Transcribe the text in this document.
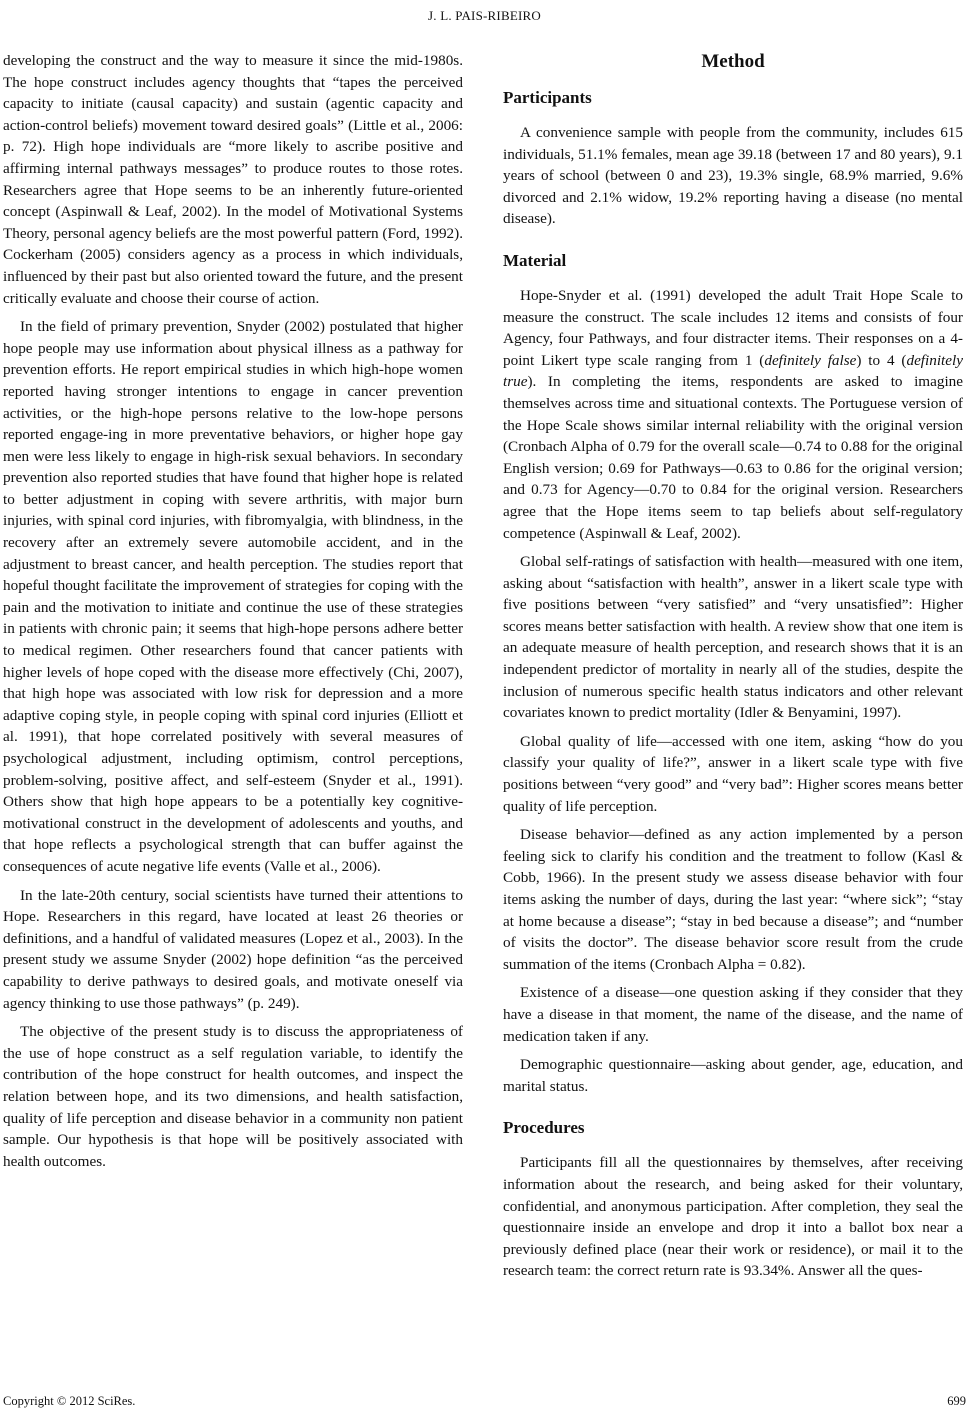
J. L. PAIS-RIBEIRO

developing the construct and the way to measure it since the mid-1980s. The hope construct includes agency thoughts that “tapes the perceived capacity to initiate (causal capacity) and sustain (agentic capacity and action-control beliefs) movement toward desired goals” (Little et al., 2006: p. 72). High hope individuals are “more likely to ascribe positive and affirming internal pathways messages” to produce routes to those rotes. Researchers agree that Hope seems to be an inherently future-oriented concept (Aspinwall & Leaf, 2002). In the model of Motivational Systems Theory, personal agency beliefs are the most powerful pattern (Ford, 1992). Cockerham (2005) considers agency as a process in which individuals, influenced by their past but also oriented toward the future, and the present critically evaluate and choose their course of action.

In the field of primary prevention, Snyder (2002) postulated that higher hope people may use information about physical illness as a pathway for prevention efforts. He report empirical studies in which high-hope women reported having stronger intentions to engage in cancer prevention activities, or the high-hope persons relative to the low-hope persons reported engage-ing in more preventative behaviors, or higher hope gay men were less likely to engage in high-risk sexual behaviors. In secondary prevention also reported studies that have found that higher hope is related to better adjustment in coping with severe arthritis, with major burn injuries, with spinal cord injuries, with fibromyalgia, with blindness, in the recovery after an extremely severe automobile accident, and in the adjustment to breast cancer, and health perception. The studies report that hopeful thought facilitate the improvement of strategies for coping with the pain and the motivation to initiate and continue the use of these strategies in patients with chronic pain; it seems that high-hope persons adhere better to medical regimen. Other researchers found that cancer patients with higher levels of hope coped with the disease more effectively (Chi, 2007), that high hope was associated with low risk for depression and a more adaptive coping style, in people coping with spinal cord injuries (Elliott et al. 1991), that hope correlated positively with several measures of psychological adjustment, including optimism, control perceptions, problem-solving, positive affect, and self-esteem (Snyder et al., 1991). Others show that high hope appears to be a potentially key cognitive-motivational construct in the development of adolescents and youths, and that hope reflects a psychological strength that can buffer against the consequences of acute negative life events (Valle et al., 2006).

In the late-20th century, social scientists have turned their attentions to Hope. Researchers in this regard, have located at least 26 theories or definitions, and a handful of validated measures (Lopez et al., 2003). In the present study we assume Snyder (2002) hope definition “as the perceived capability to derive pathways to desired goals, and motivate oneself via agency thinking to use those pathways” (p. 249).

The objective of the present study is to discuss the appropriateness of the use of hope construct as a self regulation variable, to identify the contribution of the hope construct for health outcomes, and inspect the relation between hope, and its two dimensions, and health satisfaction, quality of life perception and disease behavior in a community non patient sample. Our hypothesis is that hope will be positively associated with health outcomes.

Method
Participants

A convenience sample with people from the community, includes 615 individuals, 51.1% females, mean age 39.18 (between 17 and 80 years), 9.1 years of school (between 0 and 23), 19.3% single, 68.9% married, 9.6% divorced and 2.1% widow, 19.2% reporting having a disease (no mental disease).

Material

Hope-Snyder et al. (1991) developed the adult Trait Hope Scale to measure the construct. The scale includes 12 items and consists of four Agency, four Pathways, and four distracter items. Their responses on a 4-point Likert type scale ranging from 1 (definitely false) to 4 (definitely true). In completing the items, respondents are asked to imagine themselves across time and situational contexts. The Portuguese version of the Hope Scale shows similar internal reliability with the original version (Cronbach Alpha of 0.79 for the overall scale—0.74 to 0.88 for the original English version; 0.69 for Pathways—0.63 to 0.86 for the original version; and 0.73 for Agency—0.70 to 0.84 for the original version. Researchers agree that the Hope items seem to tap beliefs about self-regulatory competence (Aspinwall & Leaf, 2002).

Global self-ratings of satisfaction with health—measured with one item, asking about “satisfaction with health”, answer in a likert scale type with five positions between “very satisfied” and “very unsatisfied”: Higher scores means better satisfaction with health. A review show that one item is an adequate measure of health perception, and research shows that it is an independent predictor of mortality in nearly all of the studies, despite the inclusion of numerous specific health status indicators and other relevant covariates known to predict mortality (Idler & Benyamini, 1997).

Global quality of life—accessed with one item, asking “how do you classify your quality of life?”, answer in a likert scale type with five positions between “very good” and “very bad”: Higher scores means better quality of life perception.

Disease behavior—defined as any action implemented by a person feeling sick to clarify his condition and the treatment to follow (Kasl & Cobb, 1966). In the present study we assess disease behavior with four items asking the number of days, during the last year: “where sick”; “stay at home because a disease”; “stay in bed because a disease”; and “number of visits the doctor”. The disease behavior score result from the crude summation of the items (Cronbach Alpha = 0.82).

Existence of a disease—one question asking if they consider that they have a disease in that moment, the name of the disease, and the name of medication taken if any.

Demographic questionnaire—asking about gender, age, education, and marital status.

Procedures

Participants fill all the questionnaires by themselves, after receiving information about the research, and being asked for their voluntary, confidential, and anonymous participation. After completion, they seal the questionnaire inside an envelope and drop it into a ballot box near a previously defined place (near their work or residence), or mail it to the research team: the correct return rate is 93.34%. Answer all the ques-

Copyright © 2012 SciRes.	699
